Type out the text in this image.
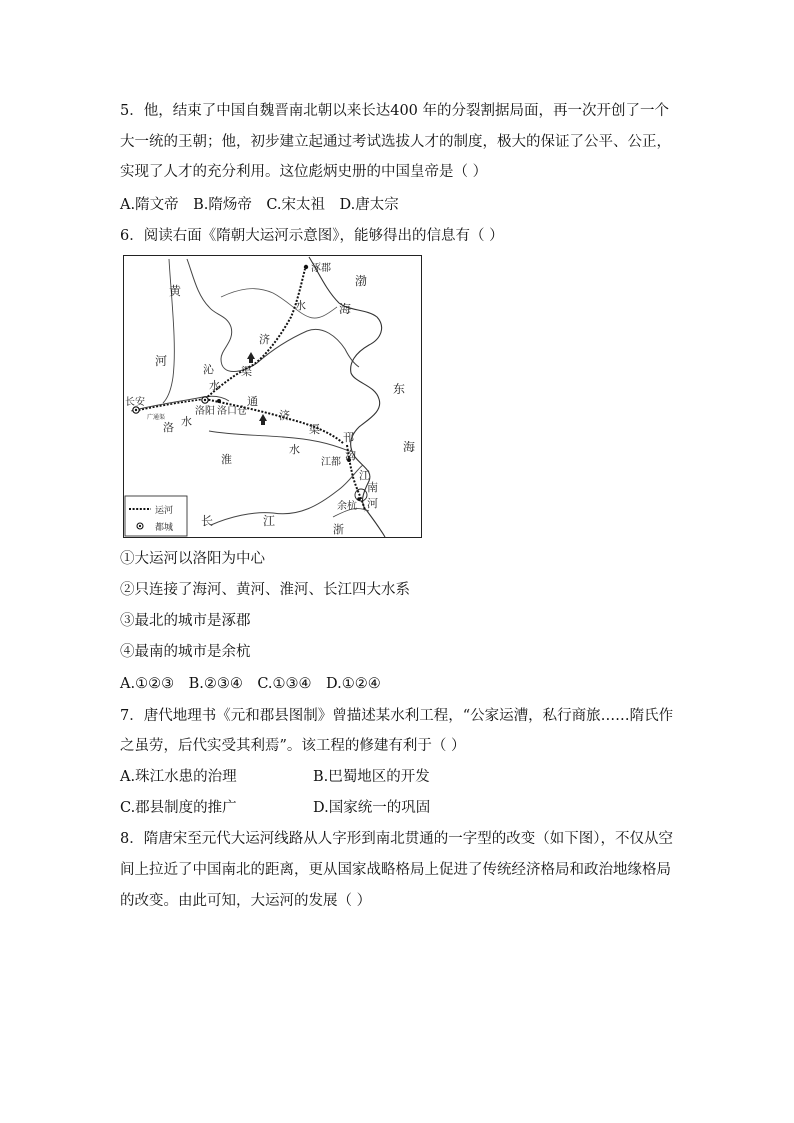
5．他，结束了中国自魏晋南北朝以来长达400 年的分裂割据局面，再一次开创了一个
大一统的王朝；他，初步建立起通过考试选拔人才的制度，极大的保证了公平、公正，
实现了人才的充分利用。这位彪炳史册的中国皇帝是（ ）
A.隋文帝　B.隋炀帝　C.宋太祖　D.唐太宗
6．阅读右面《隋朝大运河示意图》，能够得出的信息有（ ）
涿郡
长安
洛阳 洛口仓
江都
余杭
黄
河
沁
水
洛 水
淮
水
长	江
浙
水
济
渠
通
济
渠
邗
沟
江
南
河
广通渠
渤
海
东
海
运河
都城
①大运河以洛阳为中心
②只连接了海河、黄河、淮河、长江四大水系
③最北的城市是涿郡
④最南的城市是余杭
A.①②③　B.②③④　C.①③④　D.①②④
7．唐代地理书《元和郡县图制》曾描述某水利工程，“公家运漕，私行商旅……隋氏作
之虽劳，后代实受其利焉”。该工程的修建有利于（ ）
A.珠江水患的治理	B.巴蜀地区的开发
C.郡县制度的推广	D.国家统一的巩固
8．隋唐宋至元代大运河线路从人字形到南北贯通的一字型的改变（如下图），不仅从空
间上拉近了中国南北的距离，更从国家战略格局上促进了传统经济格局和政治地缘格局
的改变。由此可知，大运河的发展（ ）
